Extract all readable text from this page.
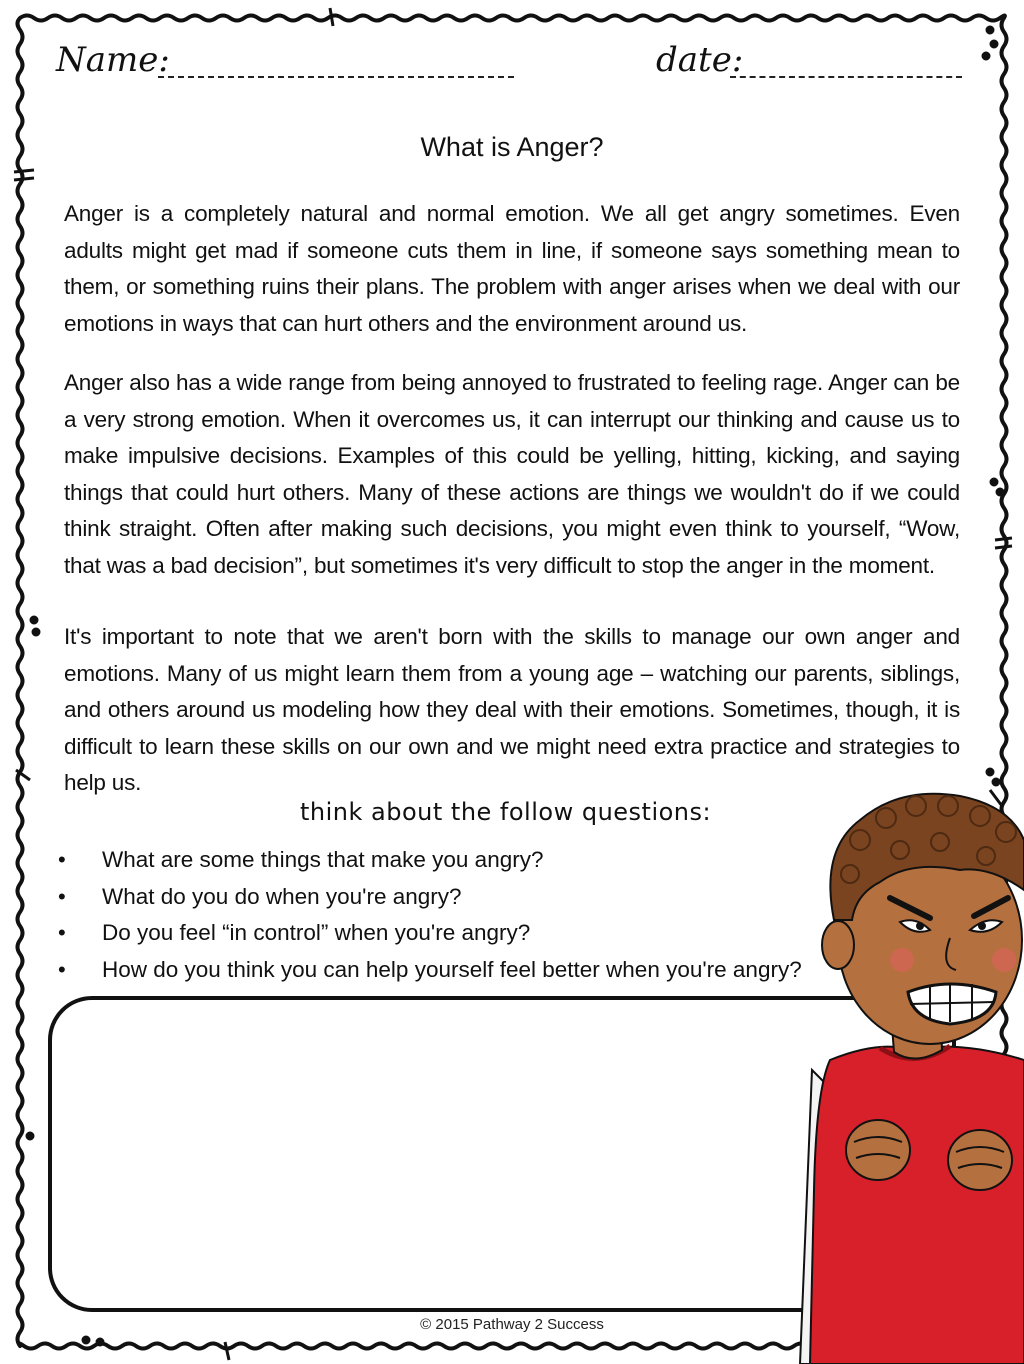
Name:	date:
What is Anger?

Anger is a completely natural and normal emotion. We all get angry sometimes. Even adults might get mad if someone cuts them in line, if someone says something mean to them, or something ruins their plans. The problem with anger arises when we deal with our emotions in ways that can hurt others and the environment around us.

Anger also has a wide range from being annoyed to frustrated to feeling rage. Anger can be a very strong emotion. When it overcomes us, it can interrupt our thinking and cause us to make impulsive decisions. Examples of this could be yelling, hitting, kicking, and saying things that could hurt others. Many of these actions are things we wouldn't do if we could think straight. Often after making such decisions, you might even think to yourself, “Wow, that was a bad decision”, but sometimes it's very difficult to stop the anger in the moment.

It's important to note that we aren't born with the skills to manage our own anger and emotions. Many of us might learn them from a young age – watching our parents, siblings, and others around us modeling how they deal with their emotions. Sometimes, though, it is difficult to learn these skills on our own and we might need extra practice and strategies to help us.

think about the follow questions:
• What are some things that make you angry?
• What do you do when you're angry?
• Do you feel “in control” when you're angry?
• How do you think you can help yourself feel better when you're angry?
© 2015 Pathway 2 Success
